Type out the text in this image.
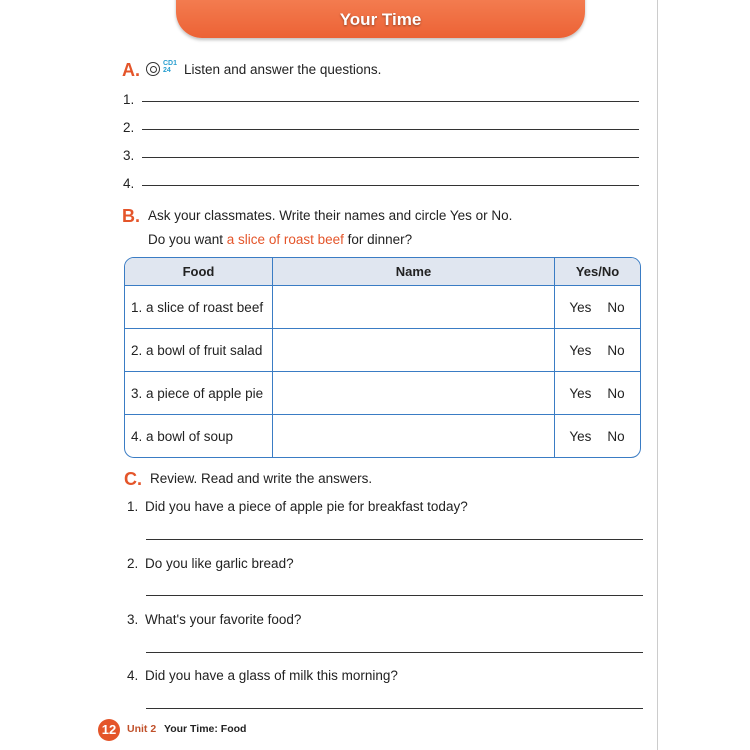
Your Time
A.	CD1
24 Listen and answer the questions.
1.
2.
3.
4.
B. Ask your classmates. Write their names and circle Yes or No.
Do you want a slice of roast beef for dinner?
Food	Name	Yes/No
1. a slice of roast beef		Yes No
2. a bowl of fruit salad		Yes No
3. a piece of apple pie		Yes No
4. a bowl of soup		Yes No
C. Review. Read and write the answers.
1. Did you have a piece of apple pie for breakfast today?
2. Do you like garlic bread?
3. What's your favorite food?
4. Did you have a glass of milk this morning?
12	Unit 2 Your Time: Food
